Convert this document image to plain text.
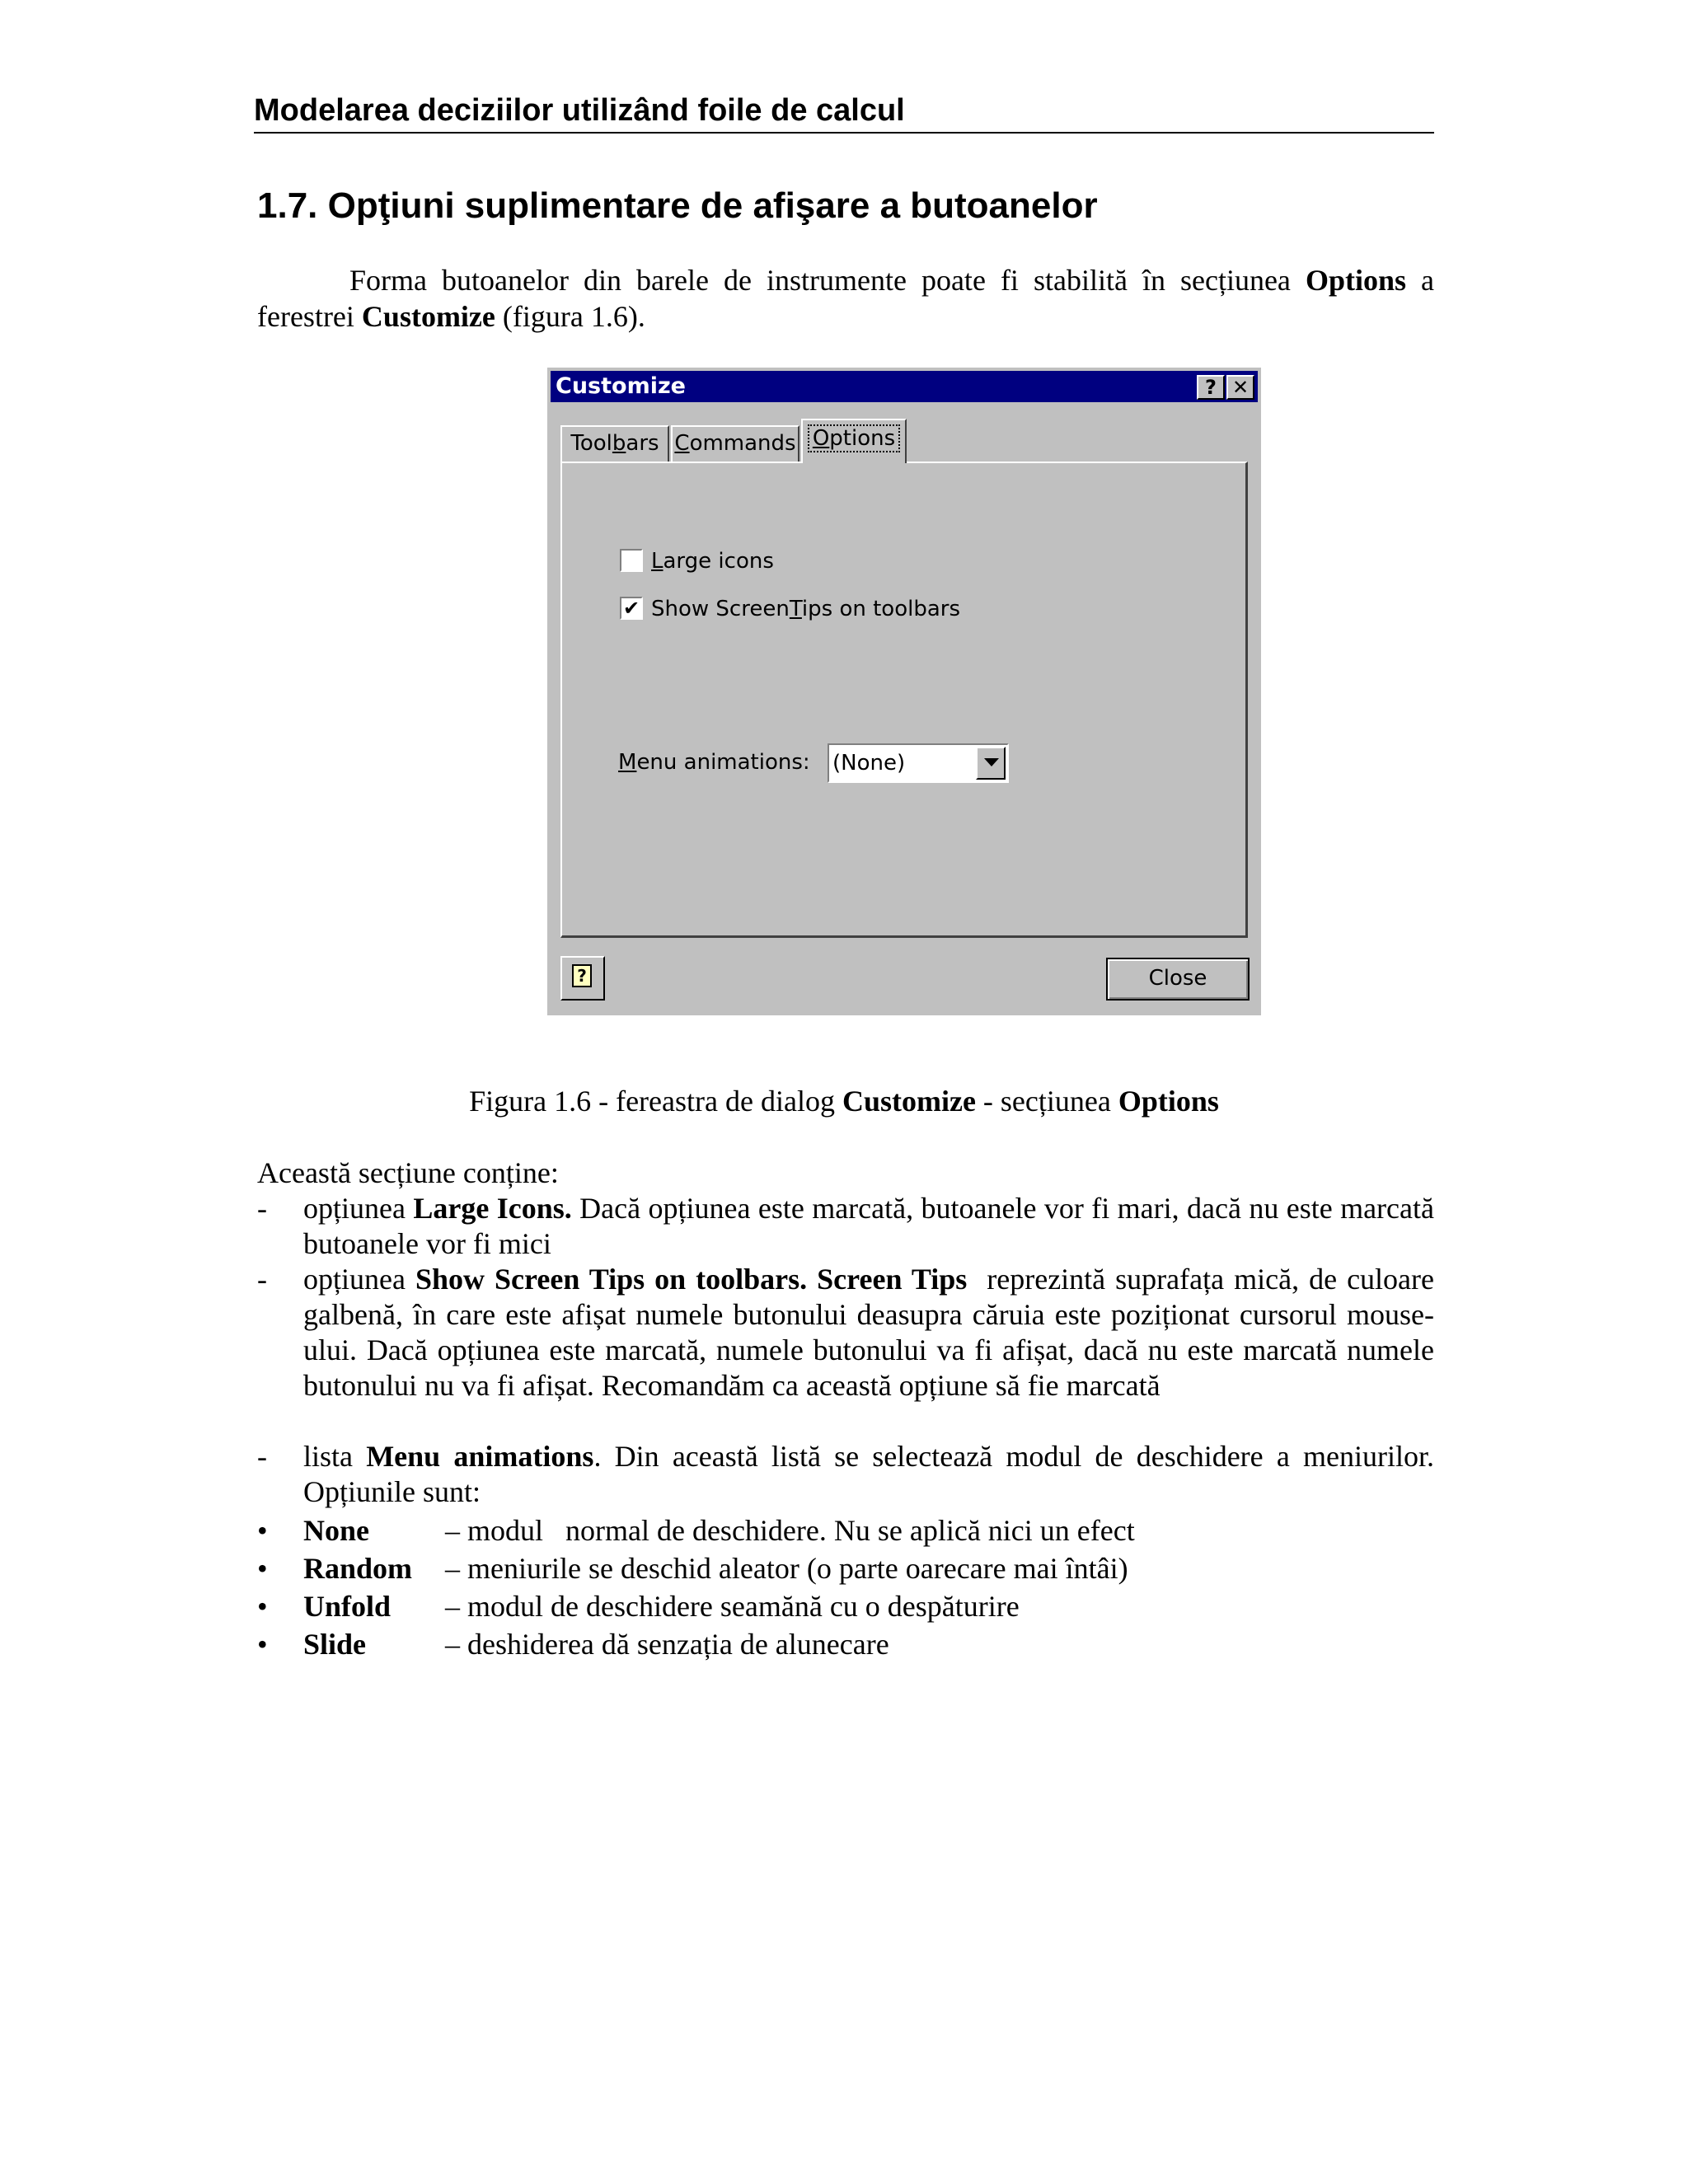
Modelarea deciziilor utilizând foile de calcul
1.7. Opţiuni suplimentare de afişare a butoanelor

Forma butoanelor din barele de instrumente poate fi stabilită în secțiunea Options a ferestrei Customize (figura 1.6).

Customize	? ✕
Toolbars Commands Options
Large icons
✔ Show ScreenTips on toolbars
Menu animations: (None)
?	Close
Figura 1.6 - fereastra de dialog Customize - secțiunea Options
Această secțiune conține:
- opțiunea Large Icons. Dacă opțiunea este marcată, butoanele vor fi mari, dacă nu este marcată butoanele vor fi mici
- opțiunea Show Screen Tips on toolbars. Screen Tips  reprezintă suprafața mică, de culoare galbenă, în care este afișat numele butonului deasupra căruia este poziționat cursorul mouse-ului. Dacă opțiunea este marcată, numele butonului va fi afișat, dacă nu este marcată numele butonului nu va fi afișat. Recomandăm ca această opțiune să fie marcată
- lista Menu animations. Din această listă se selectează modul de deschidere a meniurilor. Opțiunile sunt:
• None	– modul   normal de deschidere. Nu se aplică nici un efect
• Random – meniurile se deschid aleator (o parte oarecare mai întâi)
• Unfold – modul de deschidere seamănă cu o despăturire
• Slide	– deshiderea dă senzația de alunecare
